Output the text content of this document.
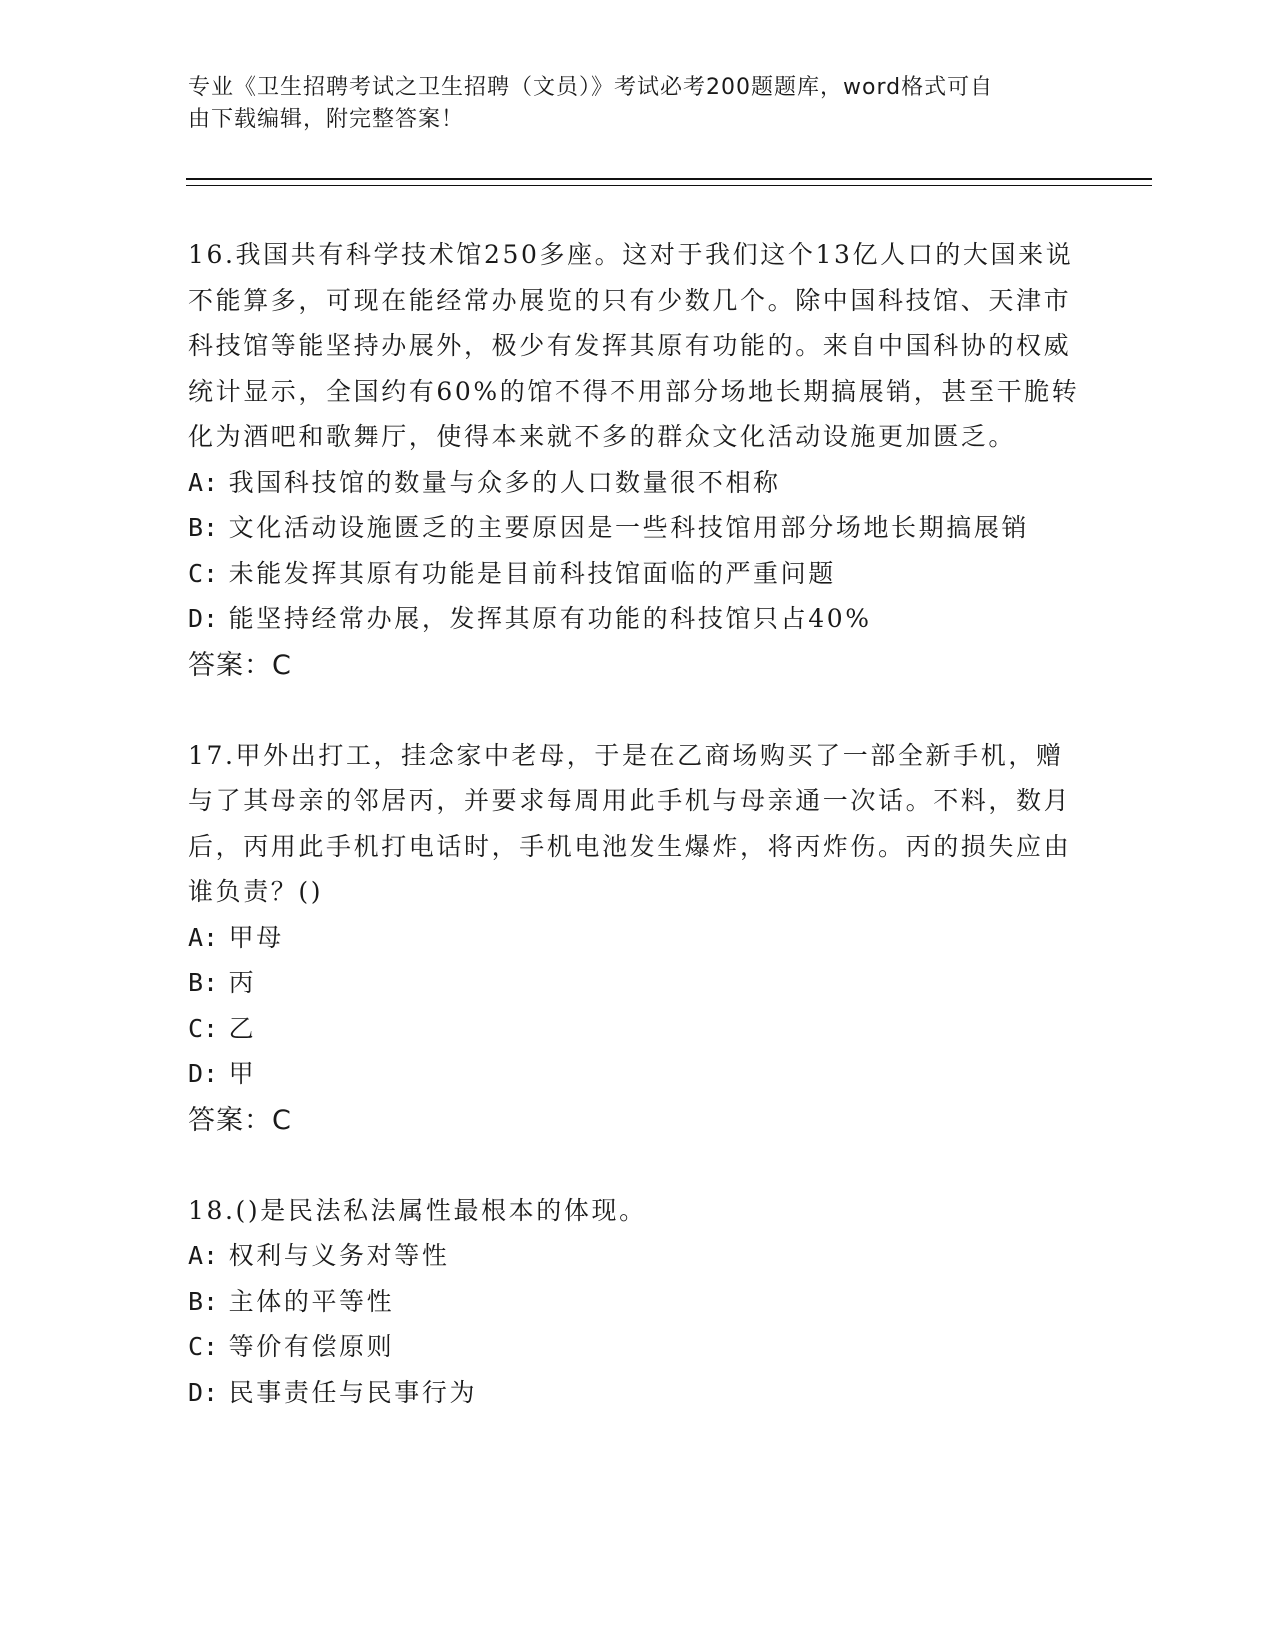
专业《卫生招聘考试之卫生招聘（文员）》考试必考200题题库，word格式可自
由下载编辑，附完整答案！
16.我国共有科学技术馆250多座。这对于我们这个13亿人口的大国来说不能算多，可现在能经常办展览的只有少数几个。除中国科技馆、天津市科技馆等能坚持办展外，极少有发挥其原有功能的。来自中国科协的权威统计显示，全国约有60%的馆不得不用部分场地长期搞展销，甚至干脆转化为酒吧和歌舞厅，使得本来就不多的群众文化活动设施更加匮乏。
A: 我国科技馆的数量与众多的人口数量很不相称
B: 文化活动设施匮乏的主要原因是一些科技馆用部分场地长期搞展销
C: 未能发挥其原有功能是目前科技馆面临的严重问题
D: 能坚持经常办展，发挥其原有功能的科技馆只占40%
答案：C
17.甲外出打工，挂念家中老母，于是在乙商场购买了一部全新手机，赠与了其母亲的邻居丙，并要求每周用此手机与母亲通一次话。不料，数月后，丙用此手机打电话时，手机电池发生爆炸，将丙炸伤。丙的损失应由谁负责？()
A: 甲母
B: 丙
C: 乙
D: 甲
答案：C
18.()是民法私法属性最根本的体现。
A: 权利与义务对等性
B: 主体的平等性
C: 等价有偿原则
D: 民事责任与民事行为
